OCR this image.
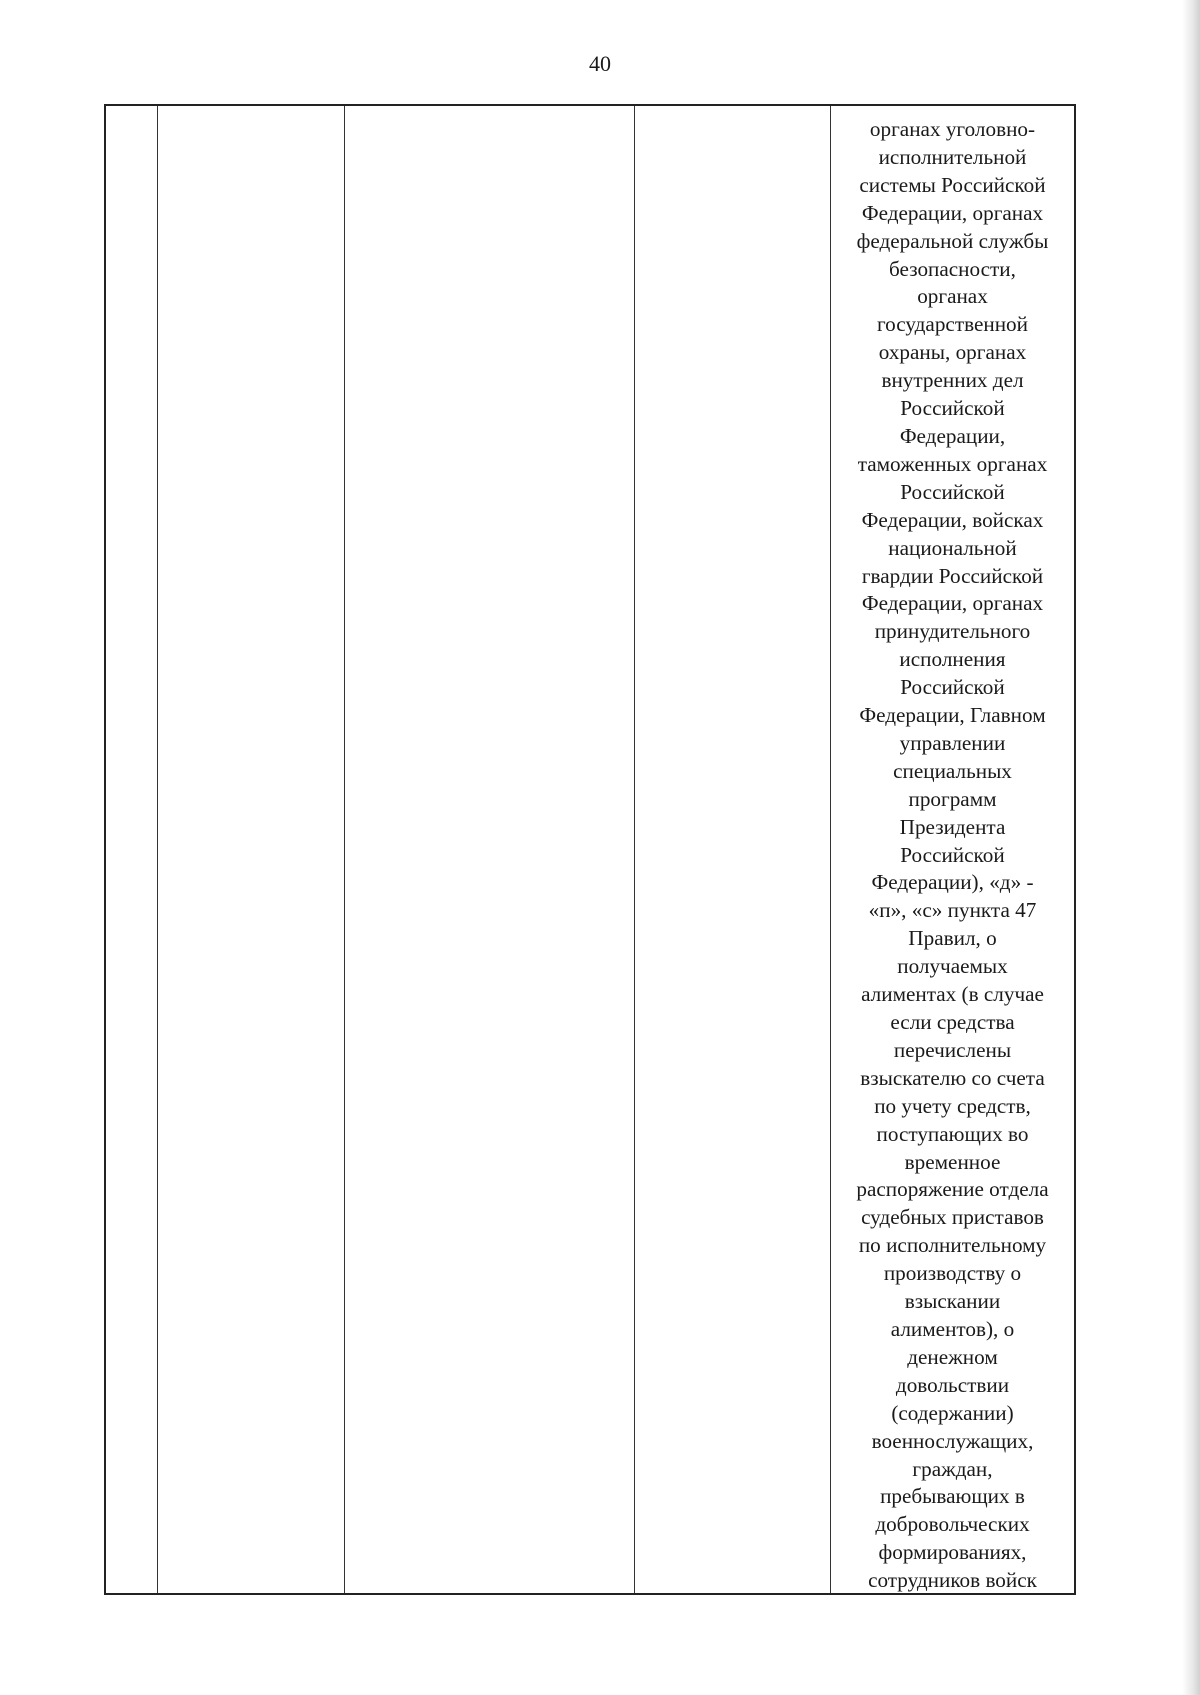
40
органах уголовно-
исполнительной
системы Российской
Федерации, органах
федеральной службы
безопасности,
органах
государственной
охраны, органах
внутренних дел
Российской
Федерации,
таможенных органах
Российской
Федерации, войсках
национальной
гвардии Российской
Федерации, органах
принудительного
исполнения
Российской
Федерации, Главном
управлении
специальных
программ
Президента
Российской
Федерации), «д» -
«п», «с» пункта 47
Правил, о
получаемых
алиментах (в случае
если средства
перечислены
взыскателю со счета
по учету средств,
поступающих во
временное
распоряжение отдела
судебных приставов
по исполнительному
производству о
взыскании
алиментов), о
денежном
довольствии
(содержании)
военнослужащих,
граждан,
пребывающих в
добровольческих
формированиях,
сотрудников войск
